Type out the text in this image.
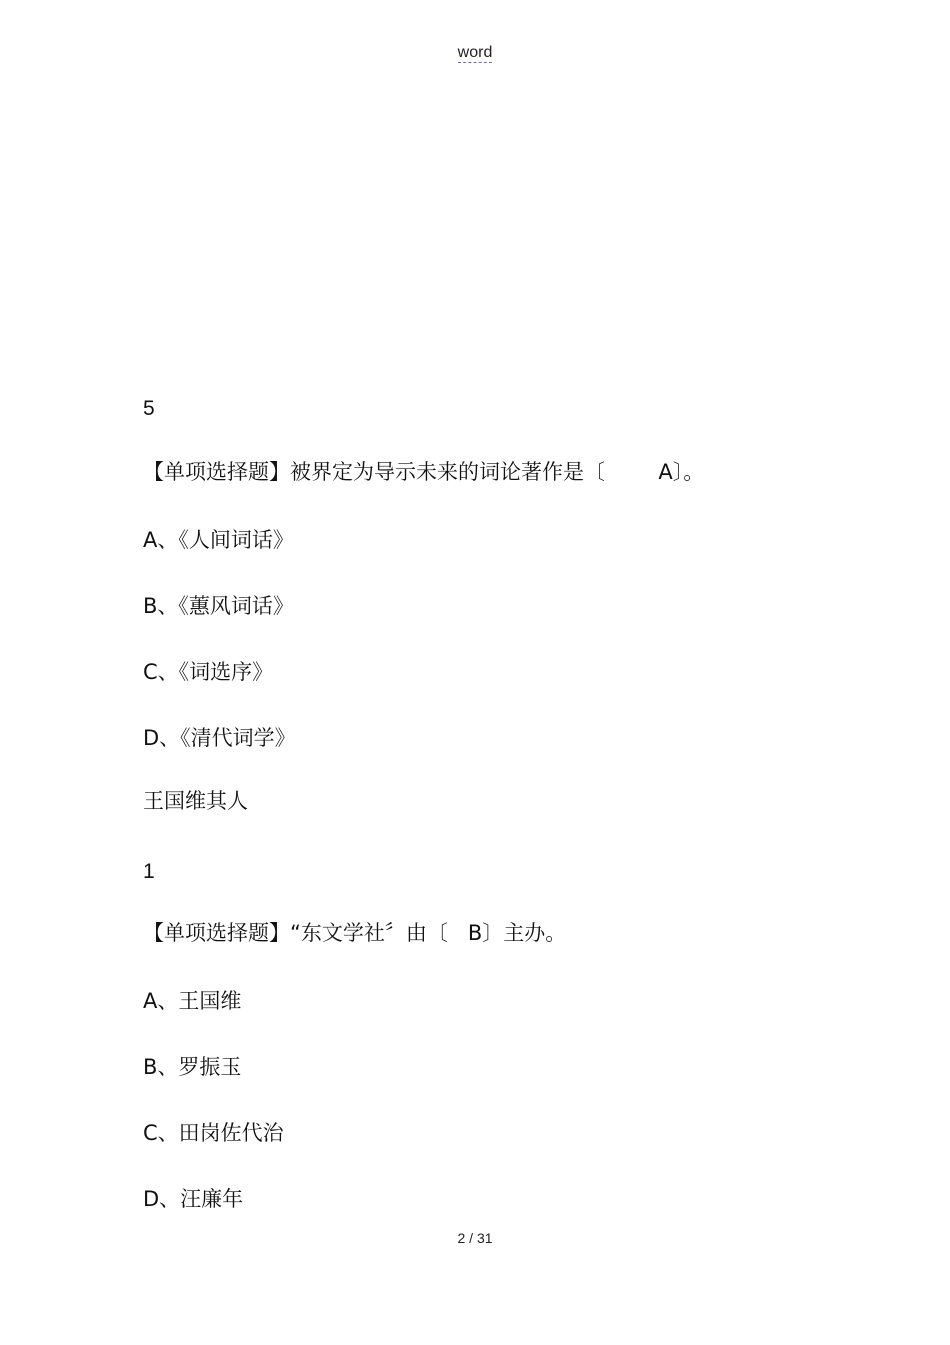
word
5
【单项选择题】被界定为导示未来的词论著作是〔        A〕。
A、《人间词话》
B、《蕙风词话》
C、《词选序》
D、《清代词学》
王国维其人
1
【单项选择题】“东文学社〞由〔   B〕主办。
A、王国维
B、罗振玉
C、田岗佐代治
D、汪廉年
2 / 31
